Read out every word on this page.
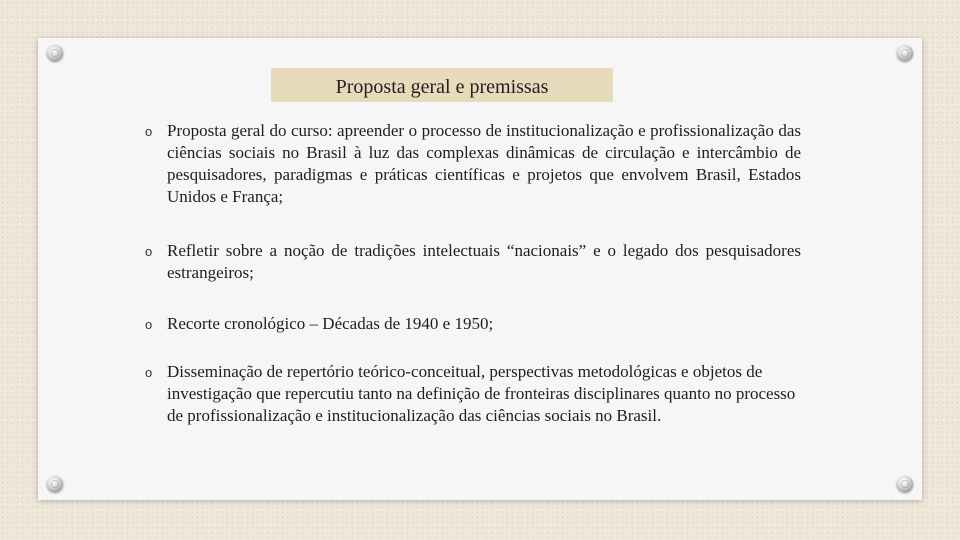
Proposta geral e premissas
o Proposta geral do curso: apreender o processo de institucionalização e profissionalização das ciências sociais no Brasil à luz das complexas dinâmicas de circulação e intercâmbio de pesquisadores, paradigmas e práticas científicas e projetos que envolvem Brasil, Estados Unidos e França;
o Refletir sobre a noção de tradições intelectuais “nacionais” e o legado dos pesquisadores estrangeiros;
o Recorte cronológico – Décadas de 1940 e 1950;
o Disseminação de repertório teórico-conceitual, perspectivas metodológicas e objetos de investigação que repercutiu tanto na definição de fronteiras disciplinares quanto no processo de profissionalização e institucionalização das ciências sociais no Brasil.
